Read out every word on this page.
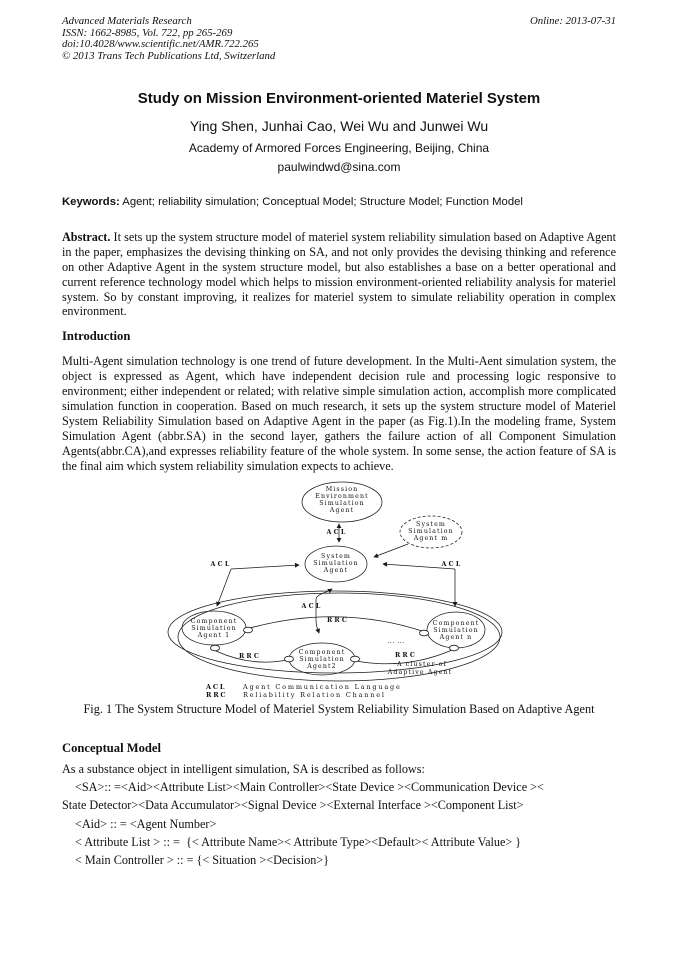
Advanced Materials Research
ISSN: 1662-8985, Vol. 722, pp 265-269
doi:10.4028/www.scientific.net/AMR.722.265
© 2013 Trans Tech Publications Ltd, Switzerland
Online: 2013-07-31
Study on Mission Environment-oriented Materiel System
Ying Shen, Junhai Cao, Wei Wu and Junwei Wu
Academy of Armored Forces Engineering, Beijing, China
paulwindwd@sina.com
Keywords: Agent; reliability simulation; Conceptual Model; Structure Model; Function Model

Abstract. It sets up the system structure model of materiel system reliability simulation based on Adaptive Agent in the paper, emphasizes the devising thinking on SA, and not only provides the devising thinking and reference on other Adaptive Agent in the system structure model, but also establishes a base on a better operational and current reference technology model which helps to mission environment-oriented reliability analysis for materiel system. So by constant improving, it realizes for materiel system to simulate reliability operation in complex environment.

Introduction

Multi-Agent simulation technology is one trend of future development. In the Multi-Aent simulation system, the object is expressed as Agent, which have independent decision rule and processing logic responsive to environment; either independent or related; with relative simple simulation action, accomplish more complicated simulation function in cooperation. Based on much research, it sets up the system structure model of Materiel System Reliability Simulation based on Adaptive Agent in the paper (as Fig.1).In the modeling frame, System Simulation Agent (abbr.SA) in the second layer, gathers the failure action of all Component Simulation Agents(abbr.CA),and expresses reliability feature of the whole system. In some sense, the action feature of SA is the final aim which system reliability simulation expects to achieve.

Mission
Environment
Simulation
Agent
System
Simulation
Agent m
System
Simulation
Agent
Component
Simulation
Agent 1
Component
Simulation
Agent2
Component
Simulation
Agent n
ACL
ACL	ACL
ACL
RRC
RRC	RRC
... ...
A cluster of
Adaptive Agent
ACL	Agent Communication Language
RRC Reliability Relation Channel
Fig. 1 The System Structure Model of Materiel System Reliability Simulation Based on Adaptive Agent
Conceptual Model

As a substance object in intelligent simulation, SA is described as follows:

<SA>:: =<Aid><Attribute List><Main Controller><State Device ><Communication Device ><
State Detector><Data Accumulator><Signal Device ><External Interface ><Component List>
<Aid> :: = <Agent Number>
< Attribute List > :: =  {< Attribute Name>< Attribute Type><Default>< Attribute Value> }
< Main Controller > :: = {< Situation ><Decision>}
